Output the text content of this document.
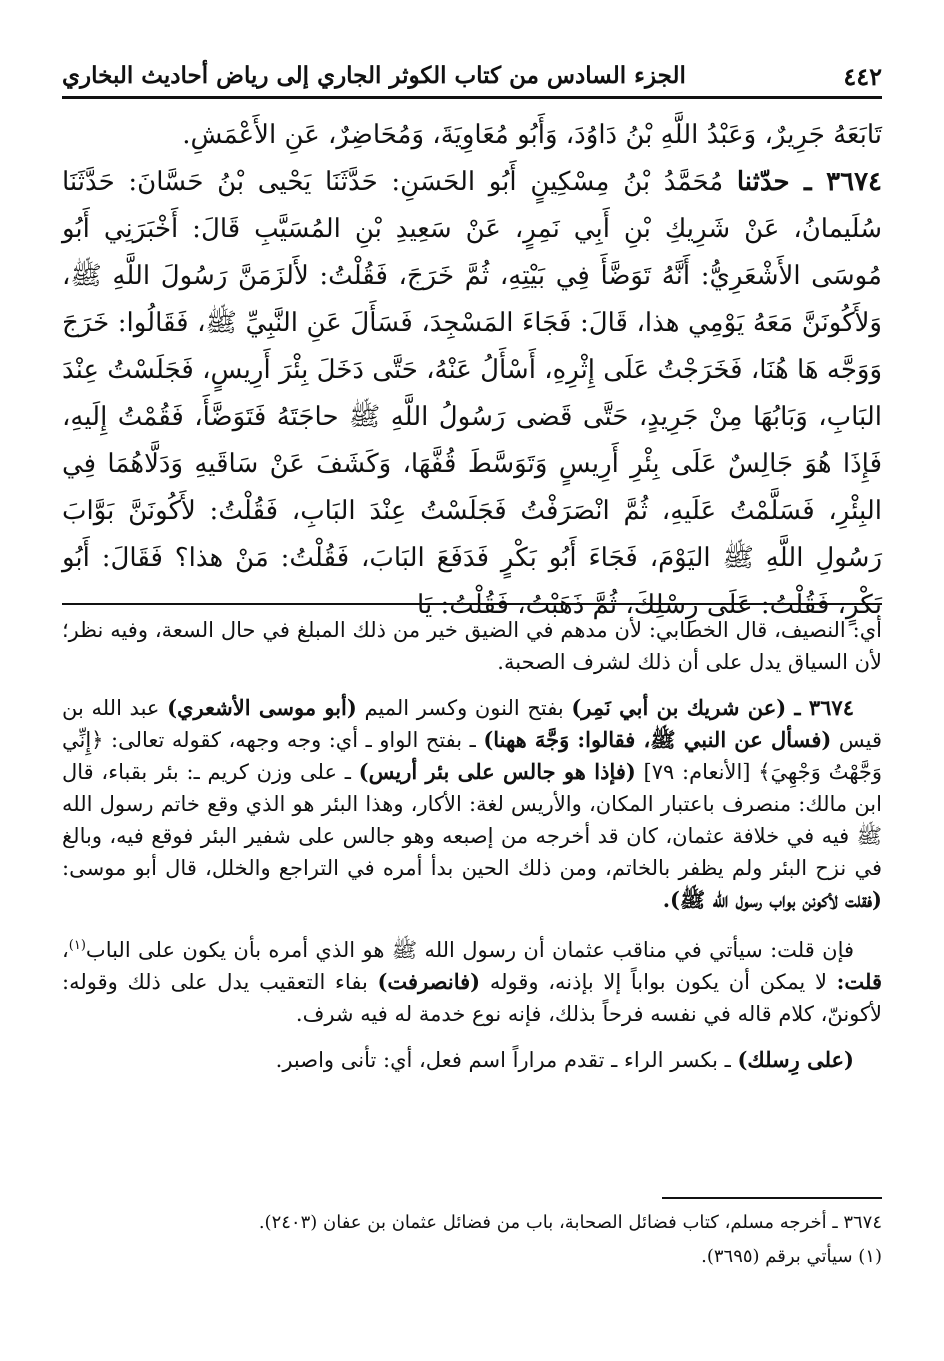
٤٤٢
الجزء السادس من كتاب الكوثر الجاري إلى رياض أحاديث البخاري

تَابَعَهُ جَرِيرٌ، وَعَبْدُ اللَّهِ بْنُ دَاوُدَ، وَأَبُو مُعَاوِيَةَ، وَمُحَاضِرٌ، عَنِ الأَعْمَشِ.

٣٦٧٤ ـ حدّثنا مُحَمَّدُ بْنُ مِسْكِينٍ أَبُو الحَسَنِ: حَدَّثَنَا يَحْيى بْنُ حَسَّانَ: حَدَّثَنَا سُلَيمانُ، عَنْ شَرِيكِ بْنِ أَبِي نَمِرٍ، عَنْ سَعِيدِ بْنِ المُسَيَّبِ قَالَ: أَخْبَرَنِي أَبُو مُوسَى الأَشْعَرِيُّ: أَنَّهُ تَوَضَّأَ فِي بَيْتِهِ، ثُمَّ خَرَجَ، فَقُلْتُ: لأَلزَمَنَّ رَسُولَ اللَّهِ ﷺ، وَلأَكُونَنَّ مَعَهُ يَوْمِي هذا، قَالَ: فَجَاءَ المَسْجِدَ، فَسَأَلَ عَنِ النَّبِيِّ ﷺ، فَقَالُوا: خَرَجَ وَوَجَّه هَا هُنَا، فَخَرَجْتُ عَلَى إِثْرِهِ، أَسْأَلُ عَنْهُ، حَتَّى دَخَلَ بِئْرَ أَرِيسٍ، فَجَلَسْتُ عِنْدَ البَابِ، وَبَابُهَا مِنْ جَرِيدٍ، حَتَّى قَضى رَسُولُ اللَّهِ ﷺ حاجَتَهُ فَتَوَضَّأَ، فَقُمْتُ إِلَيهِ، فَإِذَا هُوَ جَالِسٌ عَلَى بِئْرِ أَرِيسٍ وَتَوَسَّطَ قُفَّهَا، وَكَشَفَ عَنْ سَاقَيهِ وَدَلَّاهُمَا فِي البِئْرِ، فَسَلَّمْتُ عَلَيهِ، ثُمَّ انْصَرَفْتُ فَجَلَسْتُ عِنْدَ البَابِ، فَقُلْتُ: لأَكُونَنَّ بَوَّابَ رَسُولِ اللَّهِ ﷺ اليَوْمَ، فَجَاءَ أَبُو بَكْرٍ فَدَفَعَ البَابَ، فَقُلْتُ: مَنْ هذا؟ فَقَالَ: أَبُو بَكْرٍ، فَقُلْتُ: عَلَى رِسْلِكَ، ثُمَّ ذَهَبْتُ، فَقُلْتُ: يَا

أي: النصيف، قال الخطابي: لأن مدهم في الضيق خير من ذلك المبلغ في حال السعة، وفيه نظر؛ لأن السياق يدل على أن ذلك لشرف الصحبة.

٣٦٧٤ ـ (عن شريك بن أبي نَمِر) بفتح النون وكسر الميم (أبو موسى الأشعري) عبد الله بن قيس (فسأل عن النبي ﷺ، فقالوا: وَجَّهَ ههنا) ـ بفتح الواو ـ أي: وجه وجهه، كقوله تعالى: ﴿إِنِّي وَجَّهْتُ وَجْهِيَ﴾ [الأنعام: ٧٩] (فإذا هو جالس على بئر أريس) ـ على وزن كريم ـ: بئر بقباء، قال ابن مالك: منصرف باعتبار المكان، والأريس لغة: الأكار، وهذا البئر هو الذي وقع خاتم رسول الله ﷺ فيه في خلافة عثمان، كان قد أخرجه من إصبعه وهو جالس على شفير البئر فوقع فيه، وبالغ في نزح البئر ولم يظفر بالخاتم، ومن ذلك الحين بدأ أمره في التراجع والخلل، قال أبو موسى: (فقلت لأكونن بواب رسول الله ﷺ).

فإن قلت: سيأتي في مناقب عثمان أن رسول الله ﷺ هو الذي أمره بأن يكون على الباب$^{(١)}$، قلت: لا يمكن أن يكون بواباً إلا بإذنه، وقوله (فانصرفت) بفاء التعقيب يدل على ذلك وقوله: لأكوننّ، كلام قاله في نفسه فرحاً بذلك، فإنه نوع خدمة له فيه شرف.

(على رِسلك) ـ بكسر الراء ـ تقدم مراراً اسم فعل، أي: تأنى واصبر.

٣٦٧٤ ـ أخرجه مسلم، كتاب فضائل الصحابة، باب من فضائل عثمان بن عفان (٢٤٠٣).
(١) سيأتي برقم (٣٦٩٥).
